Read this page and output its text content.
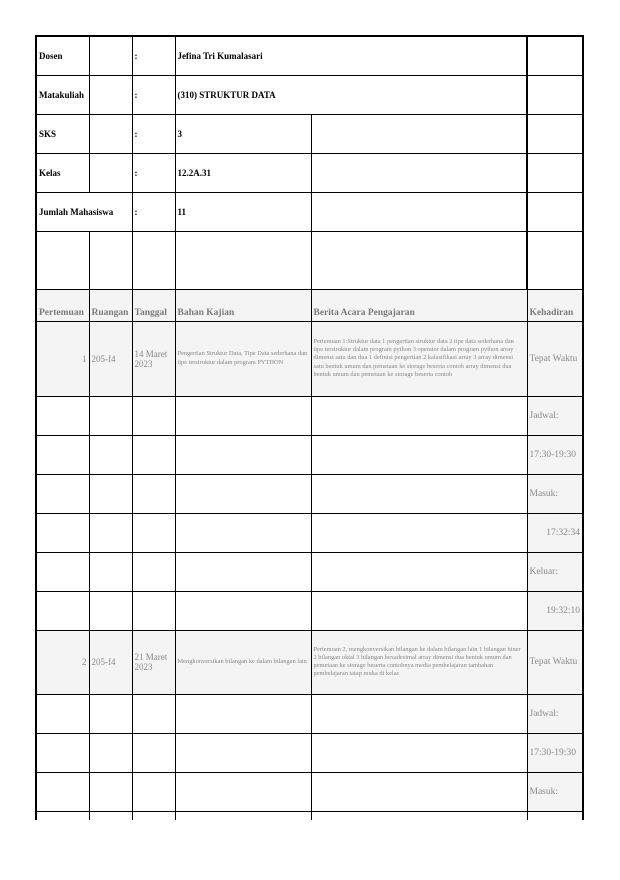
Dosen		:	Jefina Tri Kumalasari		
Matakuliah		:	(310) STRUKTUR DATA		
SKS		:	3		
Kelas		:	12.2A.31		
Jumlah Mahasiswa		:	11		

Pertemuan	Ruangan	Tanggal	Bahan Kajian	Berita Acara Pengajaran	Kehadiran
1	205-f4	14 Maret 2023	Pengertian Struktur Data, Tipe Data sederhana dan tipe terstruktur dalam program PYTHON	Pertemuan 1:Struktur data 1 pengertian struktur data 2 tipe data sederhana dan tipe terstruktur dalam program python 3 operator dalam program python array dimensi satu dan dua 1 definisi pengertian 2 kalasifikasi array 3 array dimensi satu bentuk umum dan pemetaan ke storage beserta contoh array dimensi dua bentuk umum dan pemetaan ke storage beserta contoh	Tepat Waktu
					Jadwal:
					17:30-19:30
					Masuk:
					17:32:34
					Keluar:
					19:32:10
2	205-f4	21 Maret 2023	Mengkonversikan bilangan ke dalam bilangan lain	Pertemuan 2, mengkonversikan bilangan ke dalam bilangan lain 1 bilangan biner 2 bilangan oktal 3 bilangan hexadesimal array dimensi dua bentuk umum dan pemetaan ke storage beserta contohnya media pembelajaran tambahan pembelajaran tatap muka di kelas	Tepat Waktu
					Jadwal:
					17:30-19:30
					Masuk:
